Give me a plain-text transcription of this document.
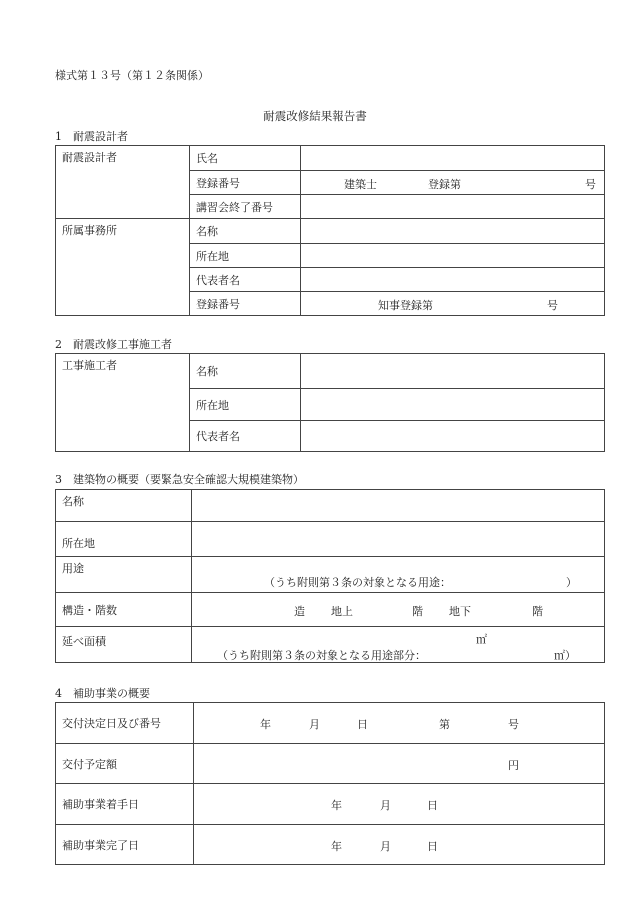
様式第１３号（第１２条関係）
耐震改修結果報告書
1　耐震設計者
耐震設計者	氏名	
	登録番号	建築士 登録第 号

	講習会終了番号	
所属事務所	名称	
	所在地	
	代表者名	
	登録番号	知事登録第 号
2　耐震改修工事施工者
工事施工者	名称	
	所在地	
	代表者名	
3　建築物の概要（要緊急安全確認大規模建築物）
名称	
所在地	
用途	（うち附則第３条の対象となる用途： ）

構造・階数	造 地上 階 地下 階

延べ面積	㎡
（うち附則第３条の対象となる用途部分： ㎡）
4　補助事業の概要
交付決定日及び番号	年 月 日 第 号

交付予定額	円

補助事業着手日	年 月 日

補助事業完了日	年 月 日
